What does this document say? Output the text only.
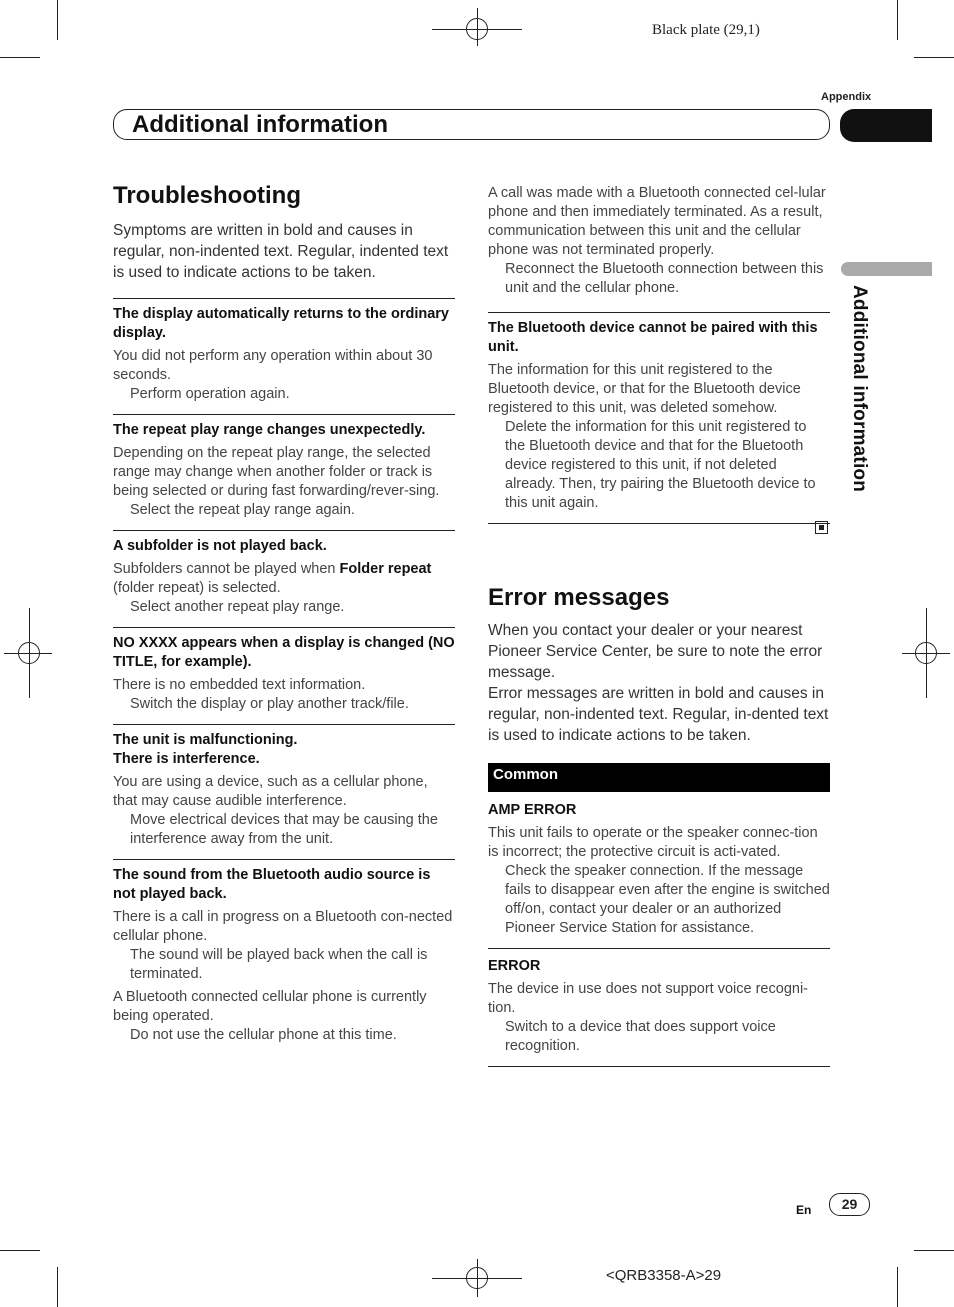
Black plate (29,1)
Appendix
Additional information
Additional information
Troubleshooting

Symptoms are written in bold and causes in regular, non-indented text. Regular, indented text is used to indicate actions to be taken.

The display automatically returns to the ordinary display.
You did not perform any operation within about 30 seconds.
Perform operation again.
The repeat play range changes unexpectedly.
Depending on the repeat play range, the selected range may change when another folder or track is being selected or during fast forwarding/rever-sing.
Select the repeat play range again.
A subfolder is not played back.
Subfolders cannot be played when Folder repeat (folder repeat) is selected.
Select another repeat play range.
NO XXXX appears when a display is changed (NO TITLE, for example).
There is no embedded text information.
Switch the display or play another track/file.
The unit is malfunctioning.
There is interference.
You are using a device, such as a cellular phone, that may cause audible interference.
Move electrical devices that may be causing the interference away from the unit.
The sound from the Bluetooth audio source is not played back.
There is a call in progress on a Bluetooth con-nected cellular phone.
The sound will be played back when the call is terminated.
A Bluetooth connected cellular phone is currently being operated.
Do not use the cellular phone at this time.
A call was made with a Bluetooth connected cel-lular phone and then immediately terminated. As a result, communication between this unit and the cellular phone was not terminated properly.
Reconnect the Bluetooth connection between this unit and the cellular phone.
The Bluetooth device cannot be paired with this unit.
The information for this unit registered to the Bluetooth device, or that for the Bluetooth device registered to this unit, was deleted somehow.
Delete the information for this unit registered to the Bluetooth device and that for the Bluetooth device registered to this unit, if not deleted already. Then, try pairing the Bluetooth device to this unit again.
Error messages

When you contact your dealer or your nearest Pioneer Service Center, be sure to note the error message.

Error messages are written in bold and causes in regular, non-indented text. Regular, in-dented text is used to indicate actions to be taken.

Common
AMP ERROR
This unit fails to operate or the speaker connec-tion is incorrect; the protective circuit is acti-vated.
Check the speaker connection. If the message fails to disappear even after the engine is switched off/on, contact your dealer or an authorized Pioneer Service Station for assistance.
ERROR
The device in use does not support voice recogni-tion.
Switch to a device that does support voice recognition.
En	29
<QRB3358-A>29
